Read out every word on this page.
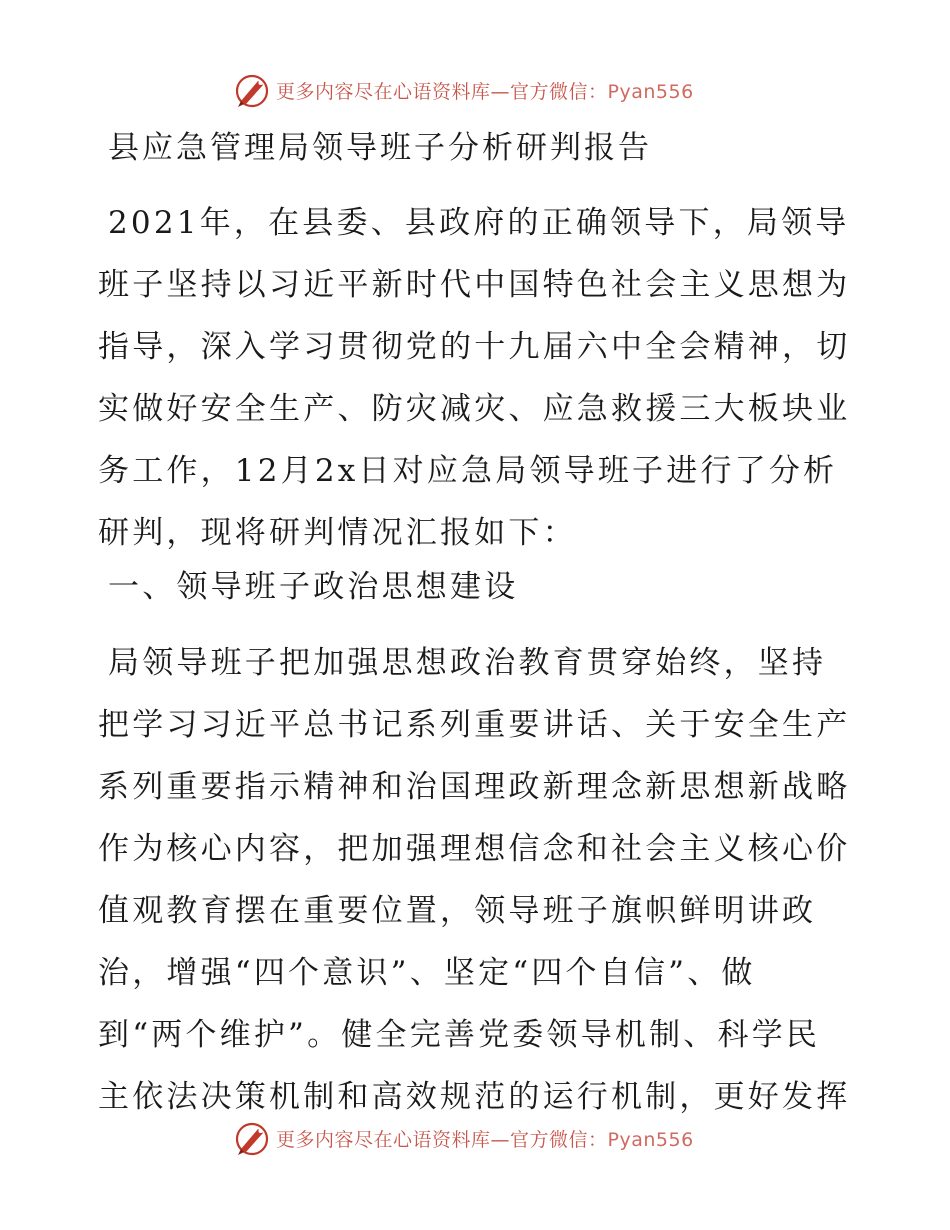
更多内容尽在心语资料库—官方微信：Pyan556
县应急管理局领导班子分析研判报告
2021年，在县委、县政府的正确领导下，局领导
班子坚持以习近平新时代中国特色社会主义思想为
指导，深入学习贯彻党的十九届六中全会精神，切
实做好安全生产、防灾减灾、应急救援三大板块业
务工作，12月2x日对应急局领导班子进行了分析
研判，现将研判情况汇报如下：
一、领导班子政治思想建设
局领导班子把加强思想政治教育贯穿始终，坚持
把学习习近平总书记系列重要讲话、关于安全生产
系列重要指示精神和治国理政新理念新思想新战略
作为核心内容，把加强理想信念和社会主义核心价
值观教育摆在重要位置，领导班子旗帜鲜明讲政
治，增强“四个意识”、坚定“四个自信”、做
到“两个维护”。健全完善党委领导机制、科学民
主依法决策机制和高效规范的运行机制，更好发挥
更多内容尽在心语资料库—官方微信：Pyan556
